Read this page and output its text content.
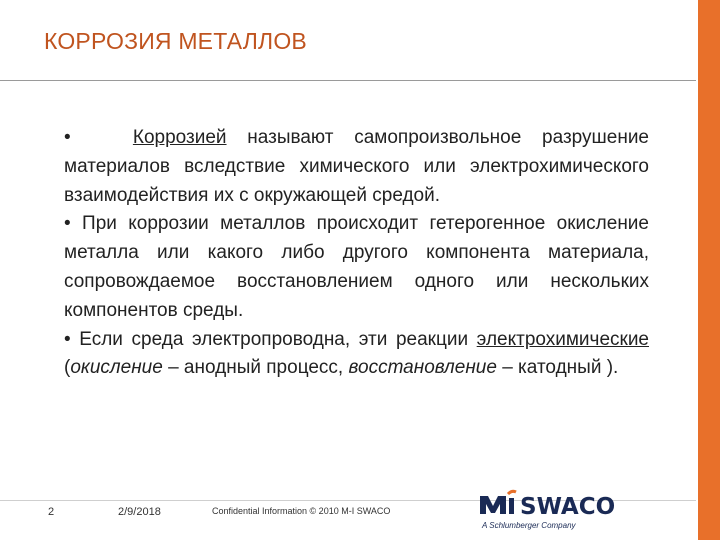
КОРРОЗИЯ МЕТАЛЛОВ

•	Коррозией называют самопроизвольное разрушение материалов вследствие химического или электрохимического взаимодействия их с окружающей средой.

• При коррозии металлов происходит гетерогенное окисление металла или какого либо другого компонента материала, сопровождаемое восстановлением одного или нескольких компонентов среды.

• Если среда электропроводна, эти реакции электрохимические (окисление – анодный процесс, восстановление – катодный ).

2	2/9/2018	Confidential Information © 2010 M-I SWACO	SWACO
A Schlumberger Company
